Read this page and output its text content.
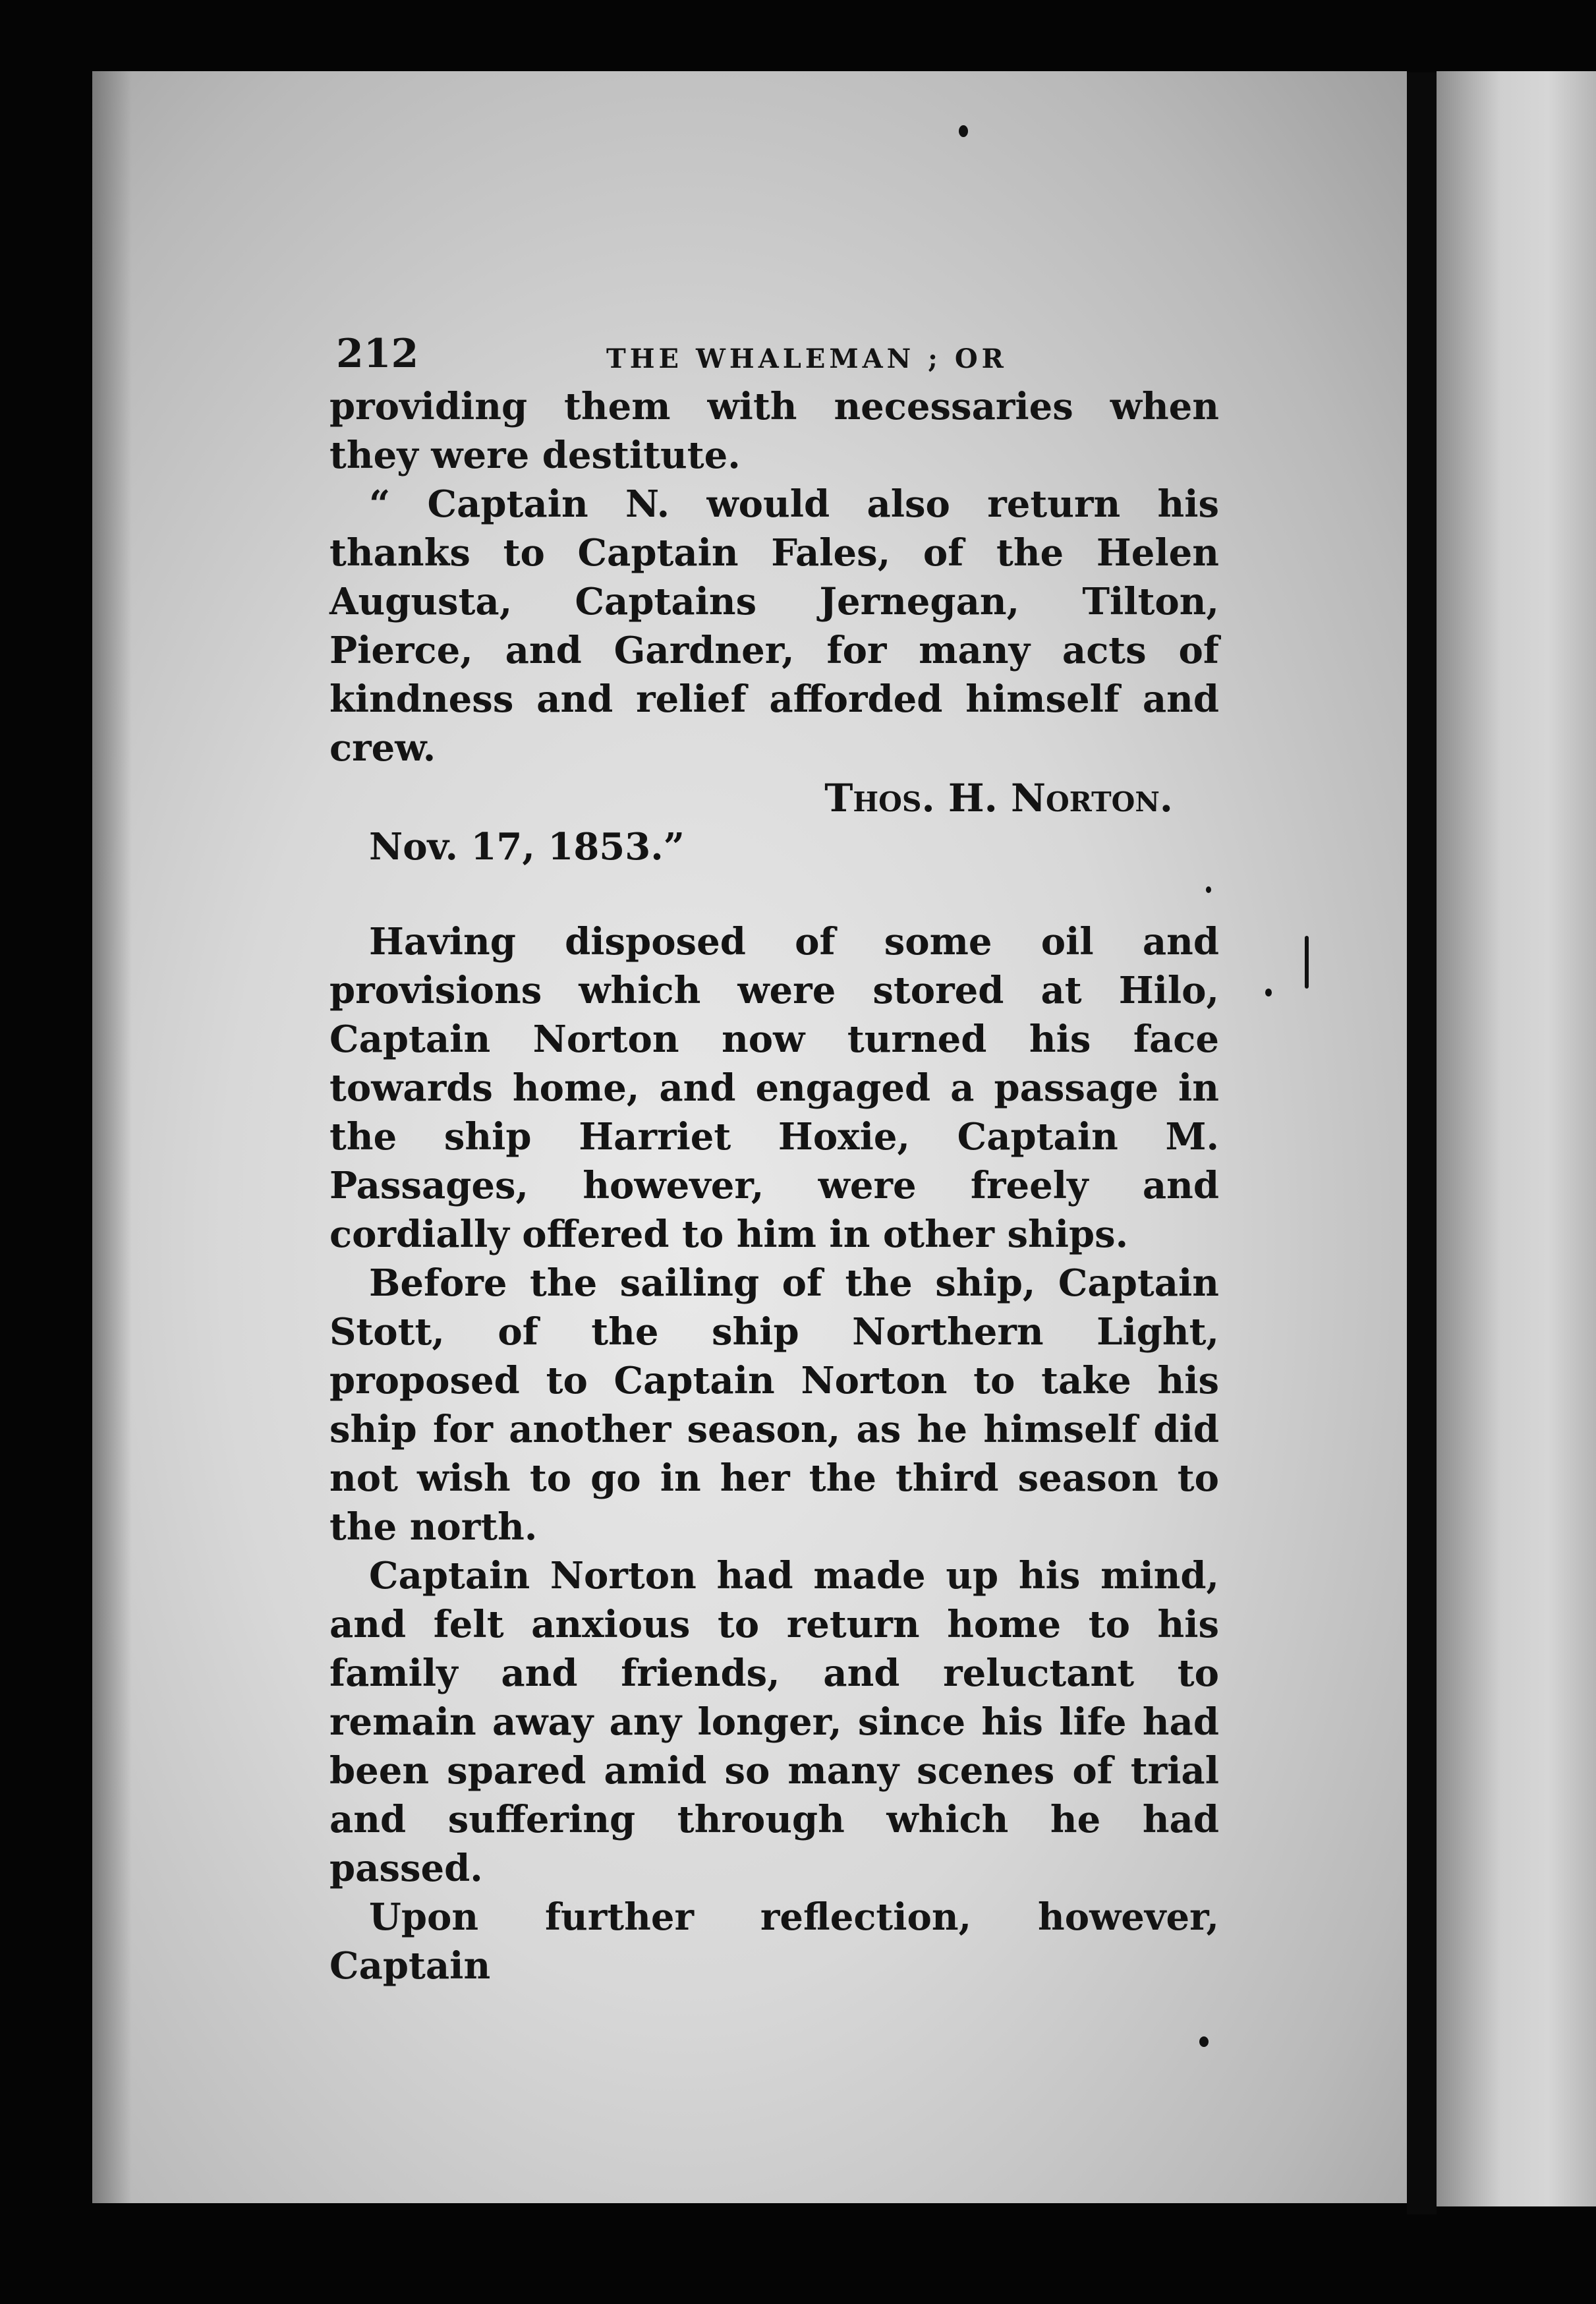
212	THE WHALEMAN ; OR

providing them with necessaries when they were destitute.

“ Captain N. would also return his thanks to Captain Fales, of the Helen Augusta, Captains Jernegan, Tilton, Pierce, and Gardner, for many acts of kindness and relief afforded himself and crew.

Thos. H. Norton.

Nov. 17, 1853.”

Having disposed of some oil and provisions which were stored at Hilo, Captain Norton now turned his face towards home, and engaged a passage in the ship Harriet Hoxie, Captain M. Passages, however, were freely and cordially offered to him in other ships.

Before the sailing of the ship, Captain Stott, of the ship Northern Light, proposed to Captain Norton to take his ship for another season, as he himself did not wish to go in her the third season to the north.

Captain Norton had made up his mind, and felt anxious to return home to his family and friends, and reluctant to remain away any longer, since his life had been spared amid so many scenes of trial and suffering through which he had passed.

Upon further reflection, however, Captain
